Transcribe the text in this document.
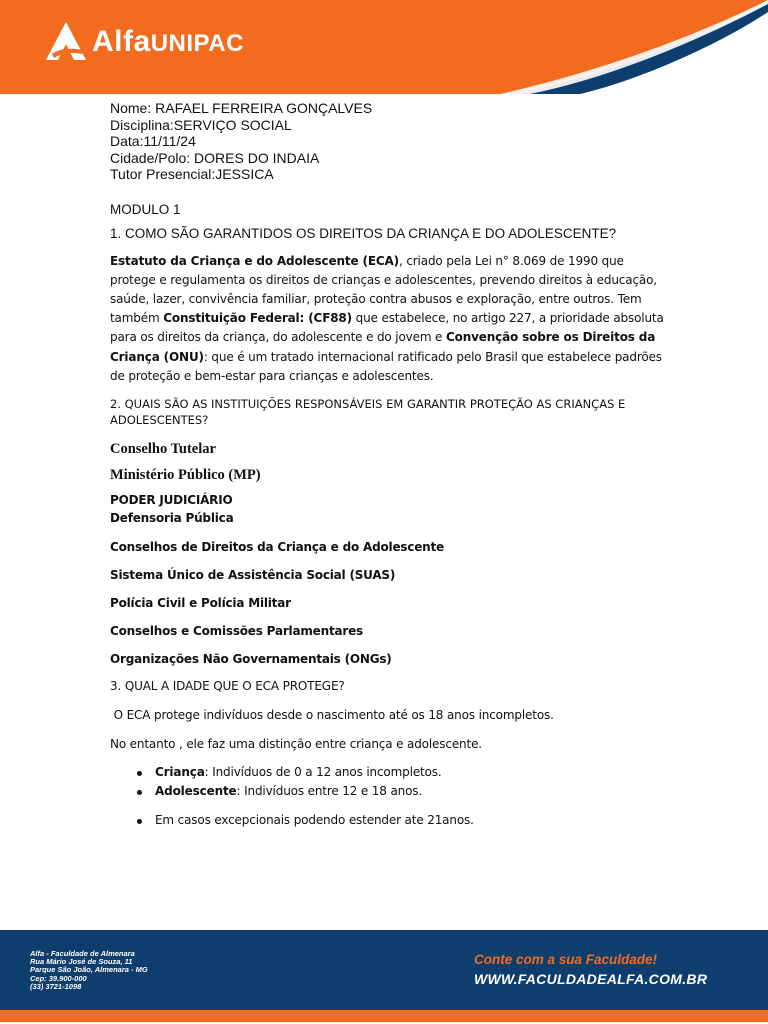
AlfaUNIPAC
Nome: RAFAEL FERREIRA GONÇALVES
Disciplina:SERVIÇO SOCIAL
Data:11/11/24
Cidade/Polo: DORES DO INDAIA
Tutor Presencial:JESSICA
MODULO 1
1. COMO SÃO GARANTIDOS OS DIREITOS DA CRIANÇA E DO ADOLESCENTE?
Estatuto da Criança e do Adolescente (ECA), criado pela Lei n° 8.069 de 1990 que protege e regulamenta os direitos de crianças e adolescentes, prevendo direitos à educação, saúde, lazer, convivência familiar, proteção contra abusos e exploração, entre outros. Tem também Constituição Federal: (CF88) que estabelece, no artigo 227, a prioridade absoluta para os direitos da criança, do adolescente e do jovem e Convenção sobre os Direitos da Criança (ONU): que é um tratado internacional ratificado pelo Brasil que estabelece padrões de proteção e bem-estar para crianças e adolescentes.
2. QUAIS SÃO AS INSTITUIÇÕES RESPONSÁVEIS EM GARANTIR PROTEÇÃO AS CRIANÇAS E ADOLESCENTES?
Conselho Tutelar
Ministério Público (MP)
PODER JUDICIÁRIO
Defensoria Pública
Conselhos de Direitos da Criança e do Adolescente
Sistema Único de Assistência Social (SUAS)
Polícia Civil e Polícia Militar
Conselhos e Comissões Parlamentares
Organizações Não Governamentais (ONGs)
3. QUAL A IDADE QUE O ECA PROTEGE?
O ECA protege indivíduos desde o nascimento até os 18 anos incompletos.
No entanto , ele faz uma distinção entre criança e adolescente.
Criança: Indivíduos de 0 a 12 anos incompletos.
Adolescente: Indivíduos entre 12 e 18 anos.
Em casos excepcionais podendo estender ate 21anos.
Alfa - Faculdade de Almenara
Rua Mário José de Souza, 11
Parque São João, Almenara - MG
Cep: 39.900-000
(33) 3721-1098
Conte com a sua Faculdade!
WWW.FACULDADEALFA.COM.BR
